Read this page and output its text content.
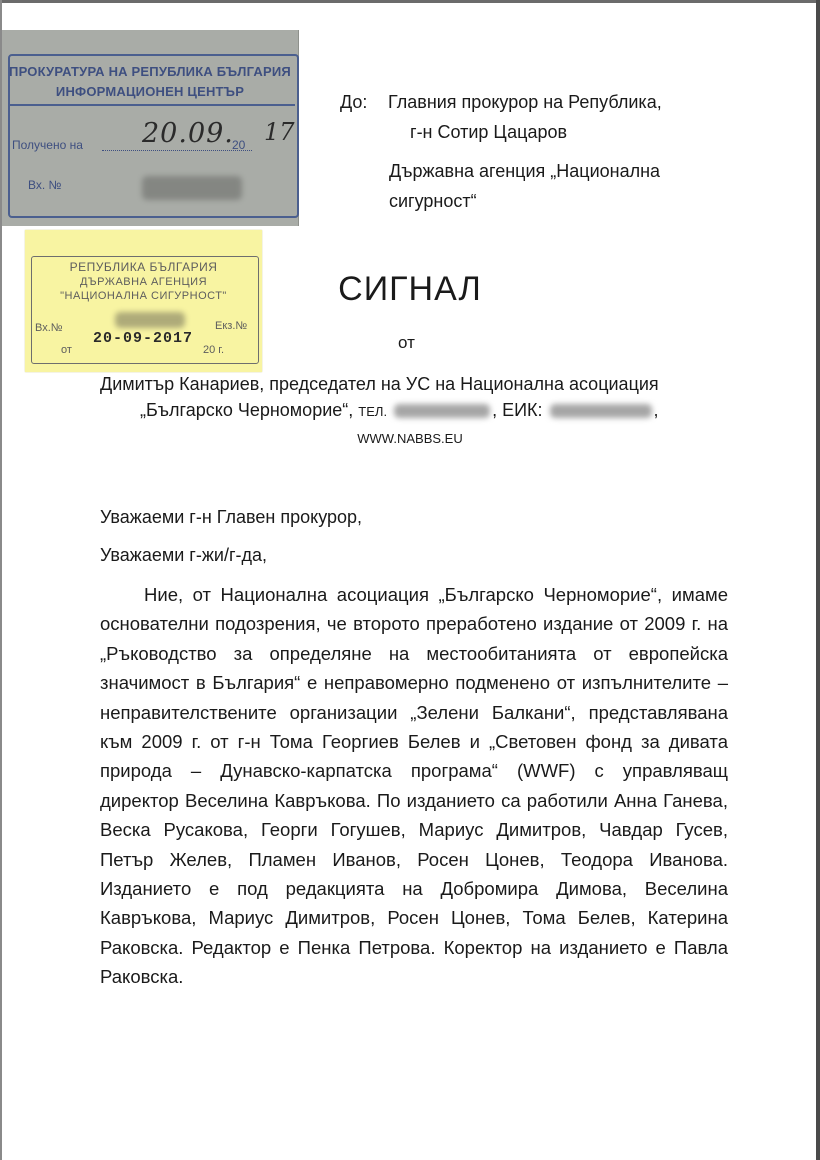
ПРОКУРАТУРА НА РЕПУБЛИКА БЪЛГАРИЯ
ИНФОРМАЦИОНЕН ЦЕНТЪР
Получено на	20
20.09. 17
Вх. №
РЕПУБЛИКА БЪЛГАРИЯ
ДЪРЖАВНА АГЕНЦИЯ
"НАЦИОНАЛНА СИГУРНОСТ"
Вх.№	Екз.№
от
20-09-2017
20 г.
До: Главния прокурор на Република,
г-н Сотир Цацаров
Държавна агенция „Национална
сигурност“
СИГНАЛ
от
Димитър Канариев, председател на УС на Национална асоциация
„Българско Черноморие“, ТЕЛ.	, ЕИК:	,
WWW.NABBS.EU
Уважаеми г-н Главен прокурор,
Уважаеми г-жи/г-да,
Ние, от Национална асоциация „Българско Черноморие“, имаме основателни подозрения, че второто преработено издание от 2009 г. на „Ръководство за определяне на местообитанията от европейска значимост в България“ е неправомерно подменено от изпълнителите – неправителствените организации „Зелени Балкани“, представлявана към 2009 г. от г-н Тома Георгиев Белев и „Световен фонд за дивата природа – Дунавско-карпатска програма“ (WWF) с управляващ директор Веселина Кавръкова. По изданието са работили Анна Ганева, Веска Русакова, Георги Гогушев, Мариус Димитров, Чавдар Гусев, Петър Желев, Пламен Иванов, Росен Цонев, Теодора Иванова. Изданието е под редакцията на Добромира Димова, Веселина Кавръкова, Мариус Димитров, Росен Цонев, Тома Белев, Катерина Раковска. Редактор е Пенка Петрова. Коректор на изданието е Павла Раковска.
